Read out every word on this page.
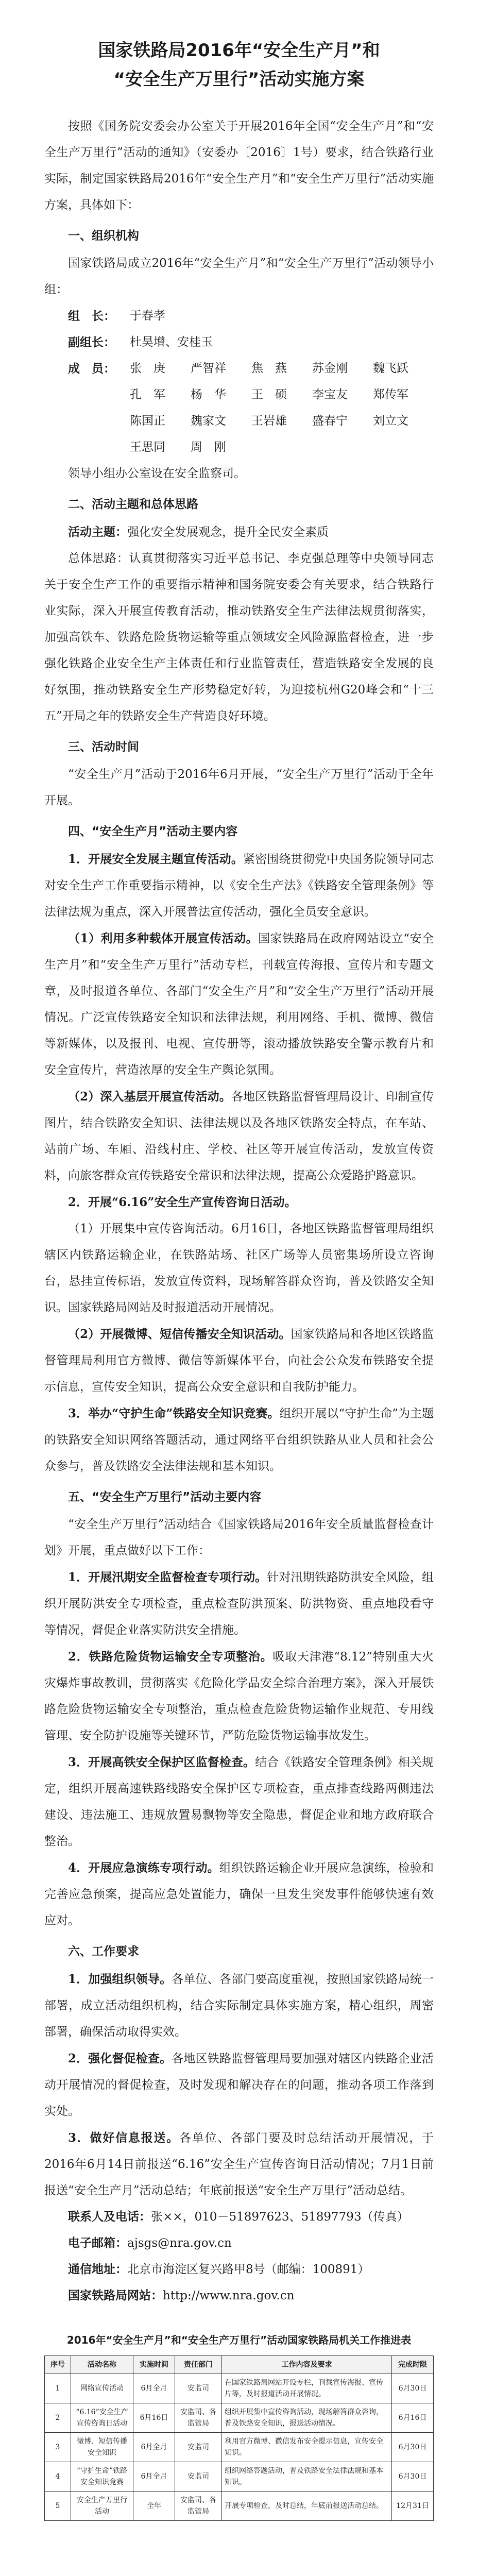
国家铁路局2016年“安全生产月”和
“安全生产万里行”活动实施方案

按照《国务院安委会办公室关于开展2016年全国“安全生产月”和“安全生产万里行”活动的通知》（安委办〔2016〕1号）要求，结合铁路行业实际，制定国家铁路局2016年“安全生产月”和“安全生产万里行”活动实施方案，具体如下：

一、组织机构

国家铁路局成立2016年“安全生产月”和“安全生产万里行”活动领导小组：

组　长：	于春孝
副组长：	杜昊增、安桂玉
成　员：	张　庚	严智祥	焦　燕	苏金刚	魏飞跃
孔　军	杨　华	王　硕	李宝友	郑传军
陈国正	魏家文	王岩雄	盛春宁	刘立文
王思同	周　刚

领导小组办公室设在安全监察司。

二、活动主题和总体思路

活动主题：强化安全发展观念，提升全民安全素质

总体思路：认真贯彻落实习近平总书记、李克强总理等中央领导同志关于安全生产工作的重要指示精神和国务院安委会有关要求，结合铁路行业实际，深入开展宣传教育活动，推动铁路安全生产法律法规贯彻落实，加强高铁车、铁路危险货物运输等重点领域安全风险源监督检查，进一步强化铁路企业安全生产主体责任和行业监管责任，营造铁路安全发展的良好氛围，推动铁路安全生产形势稳定好转，为迎接杭州G20峰会和“十三五”开局之年的铁路安全生产营造良好环境。

三、活动时间

“安全生产月”活动于2016年6月开展，“安全生产万里行”活动于全年开展。

四、“安全生产月”活动主要内容

1．开展安全发展主题宣传活动。紧密围绕贯彻党中央国务院领导同志对安全生产工作重要指示精神，以《安全生产法》《铁路安全管理条例》等法律法规为重点，深入开展普法宣传活动，强化全员安全意识。

（1）利用多种载体开展宣传活动。国家铁路局在政府网站设立“安全生产月”和“安全生产万里行”活动专栏，刊载宣传海报、宣传片和专题文章，及时报道各单位、各部门“安全生产月”和“安全生产万里行”活动开展情况。广泛宣传铁路安全知识和法律法规，利用网络、手机、微博、微信等新媒体，以及报刊、电视、宣传册等，滚动播放铁路安全警示教育片和安全宣传片，营造浓厚的安全生产舆论氛围。

（2）深入基层开展宣传活动。各地区铁路监督管理局设计、印制宣传图片，结合铁路安全知识、法律法规以及各地区铁路安全特点，在车站、站前广场、车厢、沿线村庄、学校、社区等开展宣传活动，发放宣传资料，向旅客群众宣传铁路安全常识和法律法规，提高公众爱路护路意识。

2．开展“6.16”安全生产宣传咨询日活动。

（1）开展集中宣传咨询活动。6月16日，各地区铁路监督管理局组织辖区内铁路运输企业，在铁路站场、社区广场等人员密集场所设立咨询台，悬挂宣传标语，发放宣传资料，现场解答群众咨询，普及铁路安全知识。国家铁路局网站及时报道活动开展情况。

（2）开展微博、短信传播安全知识活动。国家铁路局和各地区铁路监督管理局利用官方微博、微信等新媒体平台，向社会公众发布铁路安全提示信息，宣传安全知识，提高公众安全意识和自我防护能力。

3．举办“守护生命”铁路安全知识竞赛。组织开展以“守护生命”为主题的铁路安全知识网络答题活动，通过网络平台组织铁路从业人员和社会公众参与，普及铁路安全法律法规和基本知识。

五、“安全生产万里行”活动主要内容

“安全生产万里行”活动结合《国家铁路局2016年安全质量监督检查计划》开展，重点做好以下工作：

1．开展汛期安全监督检查专项行动。针对汛期铁路防洪安全风险，组织开展防洪安全专项检查，重点检查防洪预案、防洪物资、重点地段看守等情况，督促企业落实防洪安全措施。

2．铁路危险货物运输安全专项整治。吸取天津港“8.12”特别重大火灾爆炸事故教训，贯彻落实《危险化学品安全综合治理方案》，深入开展铁路危险货物运输安全专项整治，重点检查危险货物运输作业规范、专用线管理、安全防护设施等关键环节，严防危险货物运输事故发生。

3．开展高铁安全保护区监督检查。结合《铁路安全管理条例》相关规定，组织开展高速铁路线路安全保护区专项检查，重点排查线路两侧违法建设、违法施工、违规放置易飘物等安全隐患，督促企业和地方政府联合整治。

4．开展应急演练专项行动。组织铁路运输企业开展应急演练，检验和完善应急预案，提高应急处置能力，确保一旦发生突发事件能够快速有效应对。

六、工作要求

1．加强组织领导。各单位、各部门要高度重视，按照国家铁路局统一部署，成立活动组织机构，结合实际制定具体实施方案，精心组织，周密部署，确保活动取得实效。

2．强化督促检查。各地区铁路监督管理局要加强对辖区内铁路企业活动开展情况的督促检查，及时发现和解决存在的问题，推动各项工作落到实处。

3．做好信息报送。各单位、各部门要及时总结活动开展情况，于2016年6月14日前报送“6.16”安全生产宣传咨询日活动情况；7月1日前报送“安全生产月”活动总结；年底前报送“安全生产万里行”活动总结。

联系人及电话：张××，010－51897623、51897793（传真）
电子邮箱：ajsgs@nra.gov.cn
通信地址：北京市海淀区复兴路甲8号（邮编：100891）
国家铁路局网站：http://www.nra.gov.cn
2016年“安全生产月”和“安全生产万里行”活动国家铁路局机关工作推进表
序号	活动名称	实施时间	责任部门	工作内容及要求	完成时限
1	网络宣传活动	6月全月	安监司	在国家铁路局网站开设专栏，刊载宣传海报、宣传片等，及时报道活动开展情况。	6月30日
2	“6.16”安全生产宣传咨询日活动	6月16日	安监司、各监管局	组织开展集中宣传咨询活动，现场解答群众咨询，普及铁路安全知识，报送活动情况。	6月16日
3	微博、短信传播安全知识	6月全月	安监司	利用官方微博、微信发布安全提示信息，宣传安全知识。	6月30日
4	“守护生命”铁路安全知识竞赛	6月全月	安监司	组织网络答题活动，普及铁路安全法律法规和基本知识。	6月30日
5	安全生产万里行活动	全年	安监司、各监管局	开展专项检查，及时总结，年底前报送活动总结。	12月31日
